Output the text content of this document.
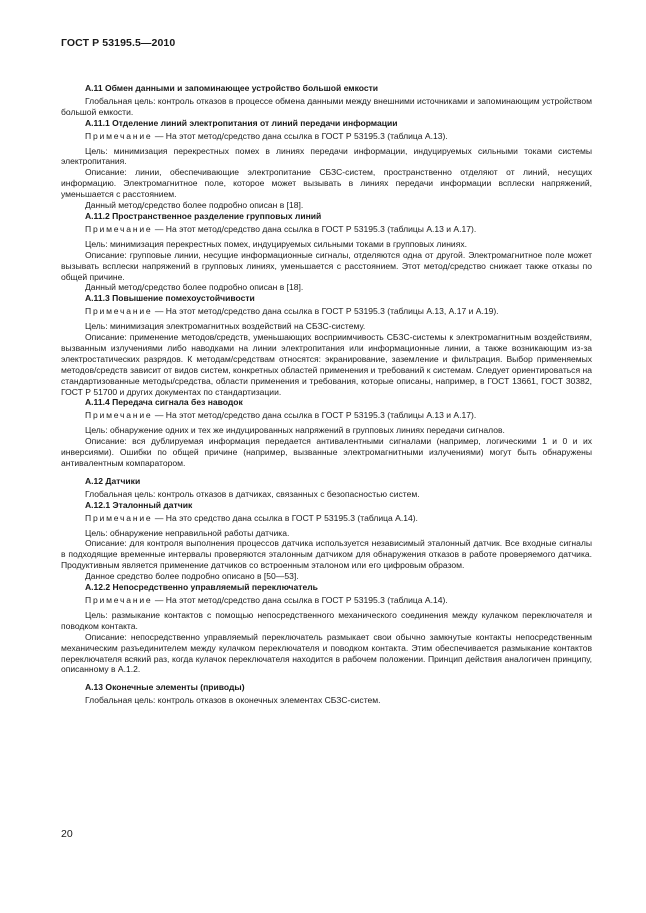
ГОСТ Р 53195.5—2010

А.11 Обмен данными и запоминающее устройство большой емкости

Глобальная цель: контроль отказов в процессе обмена данными между внешними источниками и запоминающим устройством большой емкости.

А.11.1 Отделение линий электропитания от линий передачи информации

Примечание — На этот метод/средство дана ссылка в ГОСТ Р 53195.3 (таблица А.13).

Цель: минимизация перекрестных помех в линиях передачи информации, индуцируемых сильными токами системы электропитания.

Описание: линии, обеспечивающие электропитание СБЗС-систем, пространственно отделяют от линий, несущих информацию. Электромагнитное поле, которое может вызывать в линиях передачи информации всплески напряжений, уменьшается с расстоянием.

Данный метод/средство более подробно описан в [18].

А.11.2 Пространственное разделение групповых линий

Примечание — На этот метод/средство дана ссылка в ГОСТ Р 53195.3 (таблицы А.13 и А.17).

Цель: минимизация перекрестных помех, индуцируемых сильными токами в групповых линиях.

Описание: групповые линии, несущие информационные сигналы, отделяются одна от другой. Электромагнитное поле может вызывать всплески напряжений в групповых линиях, уменьшается с расстоянием. Этот метод/средство снижает также отказы по общей причине.

Данный метод/средство более подробно описан в [18].

А.11.3 Повышение помехоустойчивости

Примечание — На этот метод/средство дана ссылка в ГОСТ Р 53195.3 (таблицы А.13, А.17 и А.19).

Цель: минимизация электромагнитных воздействий на СБЗС-систему.

Описание: применение методов/средств, уменьшающих восприимчивость СБЗС-системы к электромагнитным воздействиям, вызванным излучениями либо наводками на линии электропитания или информационные линии, а также возникающим из-за электростатических разрядов. К методам/средствам относятся: экранирование, заземление и фильтрация. Выбор применяемых методов/средств зависит от видов систем, конкретных областей применения и требований к системам. Следует ориентироваться на стандартизованные методы/средства, области применения и требования, которые описаны, например, в ГОСТ 13661, ГОСТ 30382, ГОСТ Р 51700 и других документах по стандартизации.

А.11.4 Передача сигнала без наводок

Примечание — На этот метод/средство дана ссылка в ГОСТ Р 53195.3 (таблицы А.13 и А.17).

Цель: обнаружение одних и тех же индуцированных напряжений в групповых линиях передачи сигналов.

Описание: вся дублируемая информация передается антивалентными сигналами (например, логическими 1 и 0 и их инверсиями). Ошибки по общей причине (например, вызванные электромагнитными излучениями) могут быть обнаружены антивалентным компаратором.

А.12 Датчики

Глобальная цель: контроль отказов в датчиках, связанных с безопасностью систем.

А.12.1 Эталонный датчик

Примечание — На это средство дана ссылка в ГОСТ Р 53195.3 (таблица А.14).

Цель: обнаружение неправильной работы датчика.

Описание: для контроля выполнения процессов датчика используется независимый эталонный датчик. Все входные сигналы в подходящие временные интервалы проверяются эталонным датчиком для обнаружения отказов в работе проверяемого датчика. Продуктивным является применение датчиков со встроенным эталоном или его цифровым образом.

Данное средство более подробно описано в [50—53].

А.12.2 Непосредственно управляемый переключатель

Примечание — На этот метод/средство дана ссылка в ГОСТ Р 53195.3 (таблица А.14).

Цель: размыкание контактов с помощью непосредственного механического соединения между кулачком переключателя и поводком контакта.

Описание: непосредственно управляемый переключатель размыкает свои обычно замкнутые контакты непосредственным механическим разъединителем между кулачком переключателя и поводком контакта. Этим обеспечивается размыкание контактов переключателя всякий раз, когда кулачок переключателя находится в рабочем положении. Принцип действия аналогичен принципу, описанному в А.1.2.

А.13 Оконечные элементы (приводы)

Глобальная цель: контроль отказов в оконечных элементах СБЗС-систем.

20
